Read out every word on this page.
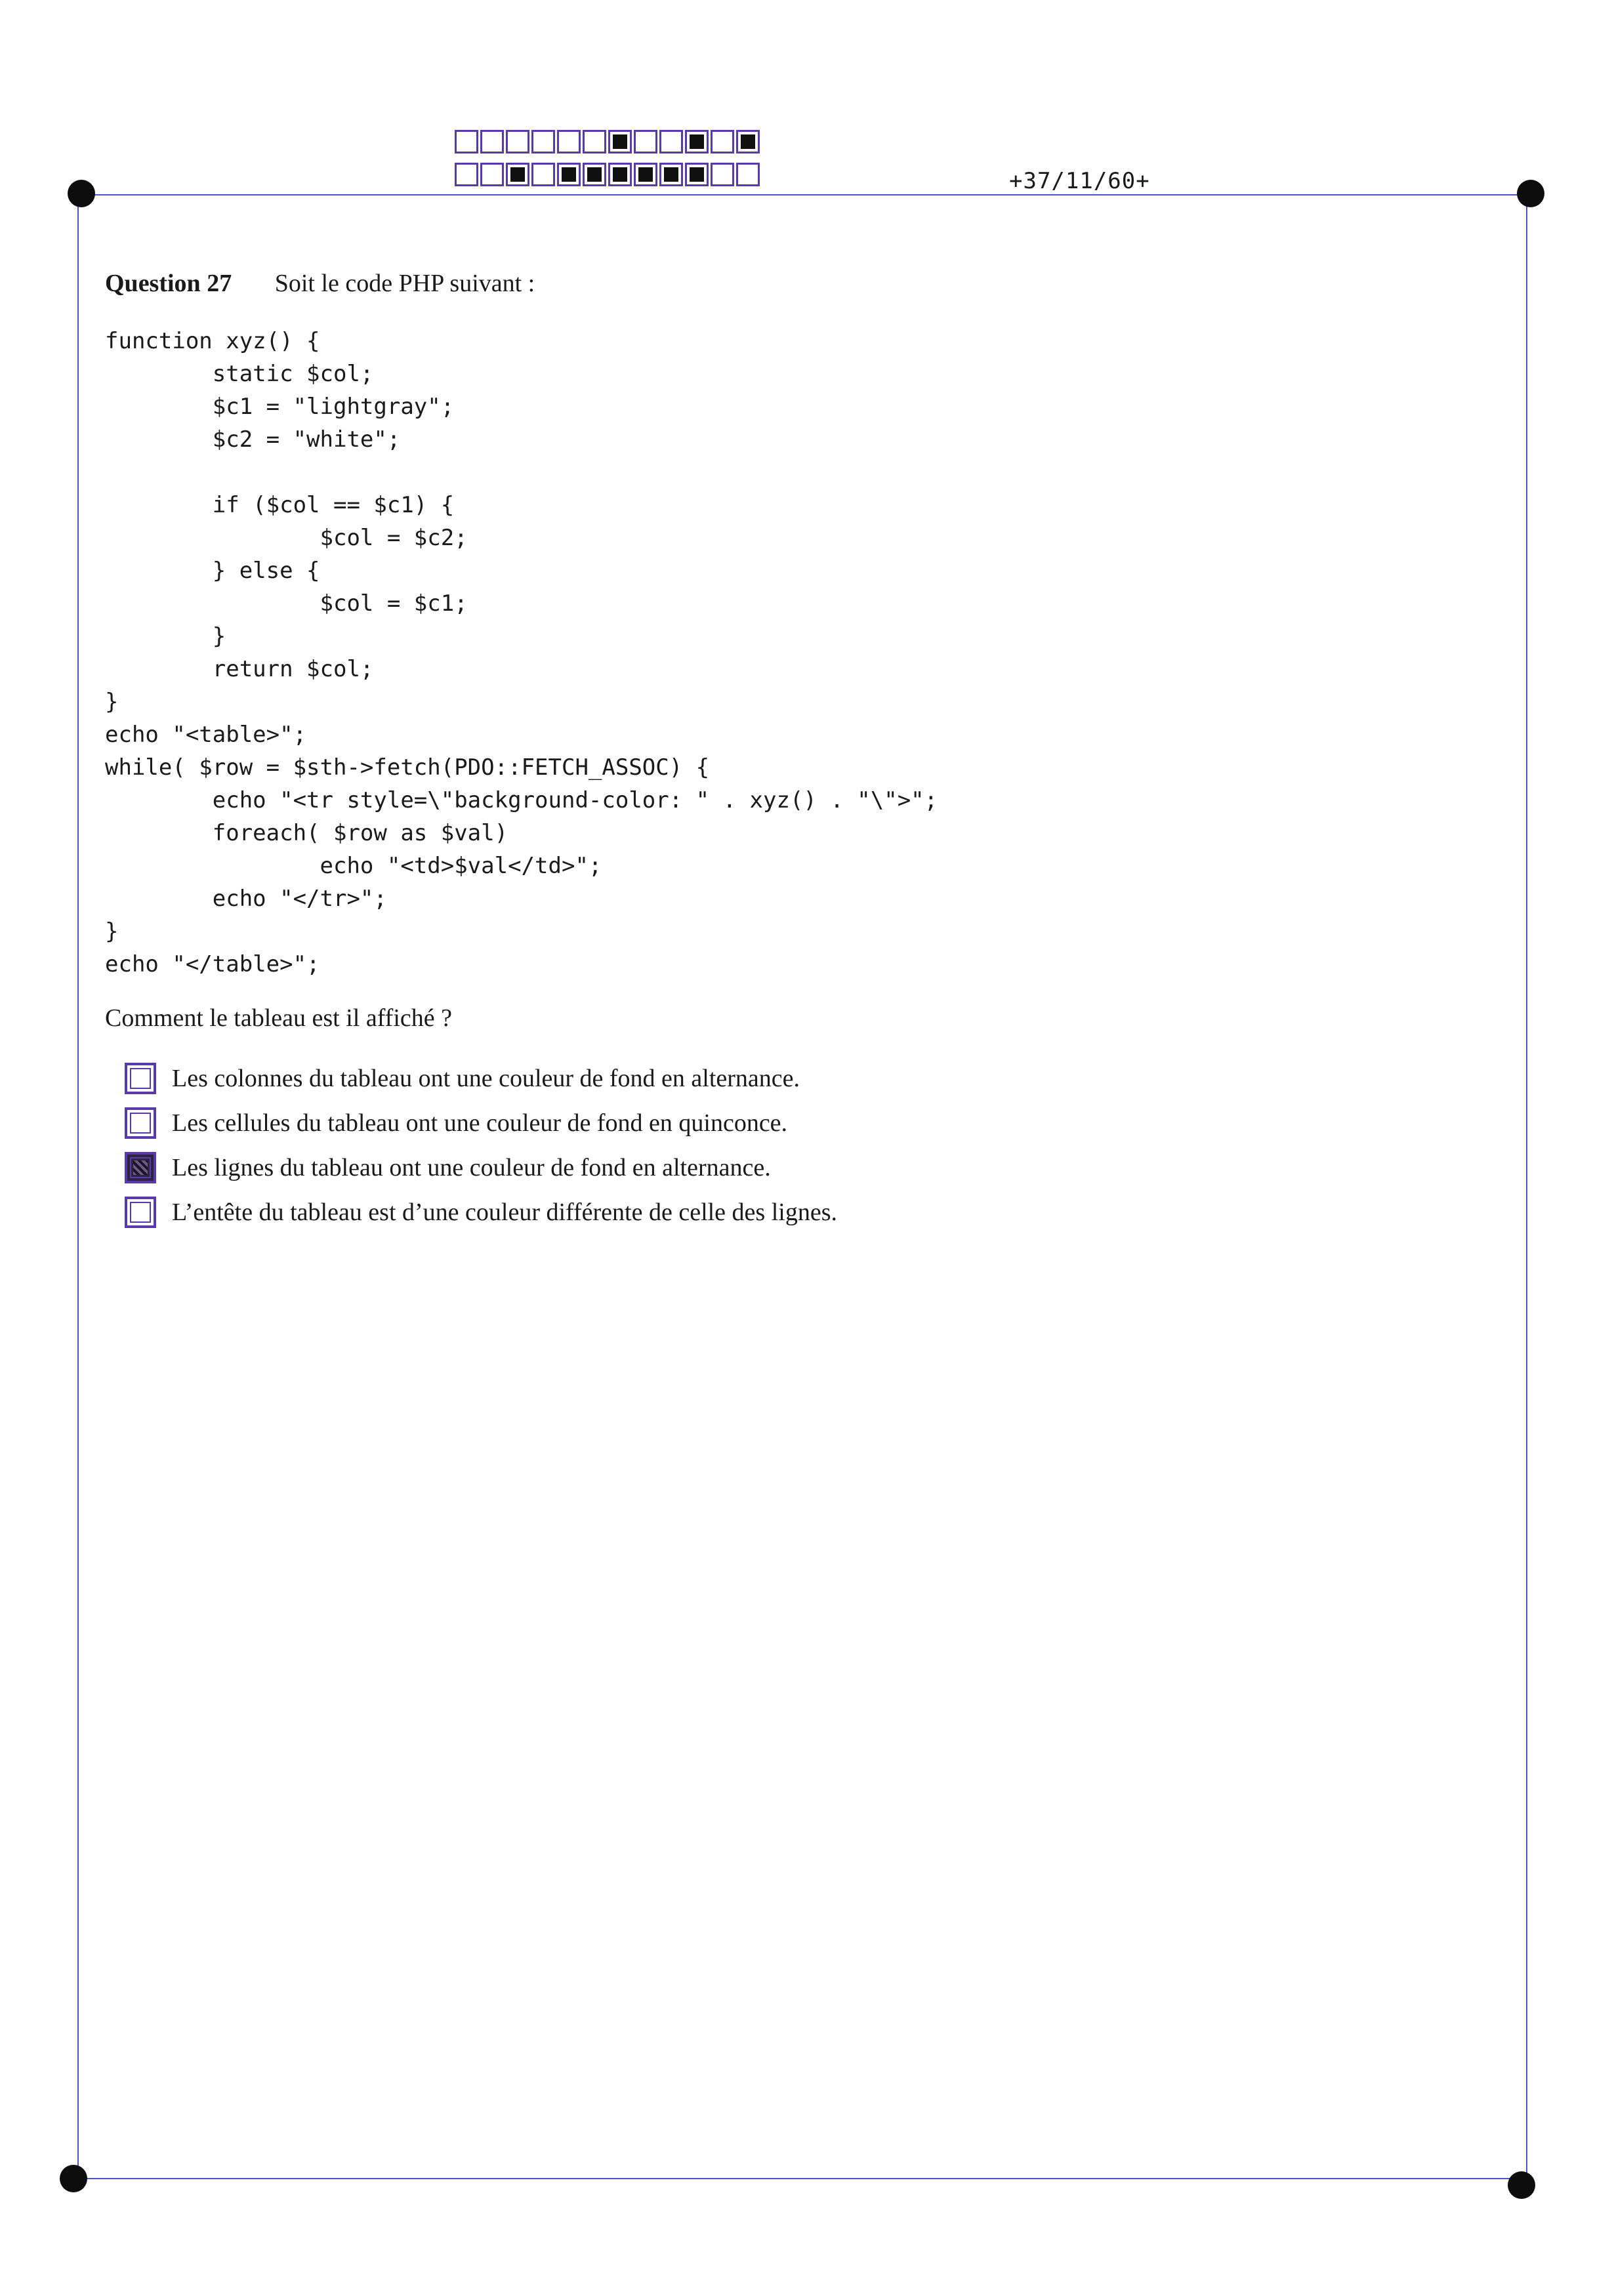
+37/11/60+
Question 27 Soit le code PHP suivant :
function xyz() {
static $col;
$c1 = "lightgray";
$c2 = "white";

if ($col == $c1) {
$col = $c2;
} else {
$col = $c1;
}
return $col;
}
echo "<table>";
while( $row = $sth->fetch(PDO::FETCH_ASSOC) {
echo "<tr style=\"background-color: " . xyz() . "\">";
foreach( $row as $val)
echo "<td>$val</td>";
echo "</tr>";
}
echo "</table>";
Comment le tableau est il affiché ?
Les colonnes du tableau ont une couleur de fond en alternance.
Les cellules du tableau ont une couleur de fond en quinconce.
Les lignes du tableau ont une couleur de fond en alternance.
L’entête du tableau est d’une couleur différente de celle des lignes.
